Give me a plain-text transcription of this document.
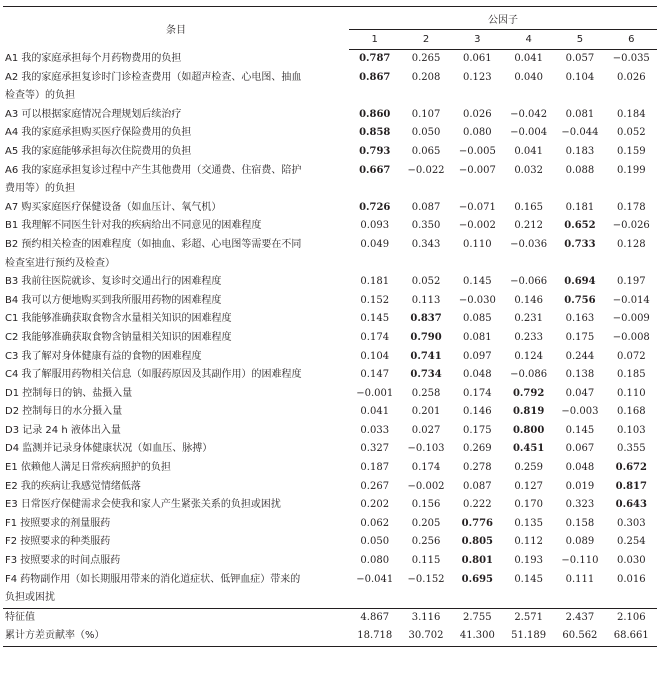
条目	公因子					
	1	2	3	4	5	6
A1 我的家庭承担每个月药物费用的负担	0.787	0.265	0.061	0.041	0.057	−0.035
A2 我的家庭承担复诊时门诊检查费用（如超声检查、心电图、抽血
检查等）的负担	0.867	0.208	0.123	0.040	0.104	0.026
A3 可以根据家庭情况合理规划后续治疗	0.860	0.107	0.026	−0.042	0.081	0.184
A4 我的家庭承担购买医疗保险费用的负担	0.858	0.050	0.080	−0.004	−0.044	0.052
A5 我的家庭能够承担每次住院费用的负担	0.793	0.065	−0.005	0.041	0.183	0.159
A6 我的家庭承担复诊过程中产生其他费用（交通费、住宿费、陪护
费用等）的负担	0.667	−0.022	−0.007	0.032	0.088	0.199
A7 购买家庭医疗保健设备（如血压计、氧气机）	0.726	0.087	−0.071	0.165	0.181	0.178
B1 我理解不同医生针对我的疾病给出不同意见的困难程度	0.093	0.350	−0.002	0.212	0.652	−0.026
B2 预约相关检查的困难程度（如抽血、彩超、心电图等需要在不同
检查室进行预约及检查）	0.049	0.343	0.110	−0.036	0.733	0.128
B3 我前往医院就诊、复诊时交通出行的困难程度	0.181	0.052	0.145	−0.066	0.694	0.197
B4 我可以方便地购买到我所服用药物的困难程度	0.152	0.113	−0.030	0.146	0.756	−0.014
C1 我能够准确获取食物含水量相关知识的困难程度	0.145	0.837	0.085	0.231	0.163	−0.009
C2 我能够准确获取食物含钠量相关知识的困难程度	0.174	0.790	0.081	0.233	0.175	−0.008
C3 我了解对身体健康有益的食物的困难程度	0.104	0.741	0.097	0.124	0.244	0.072
C4 我了解服用药物相关信息（如服药原因及其副作用）的困难程度	0.147	0.734	0.048	−0.086	0.138	0.185
D1 控制每日的钠、盐摄入量	−0.001	0.258	0.174	0.792	0.047	0.110
D2 控制每日的水分摄入量	0.041	0.201	0.146	0.819	−0.003	0.168
D3 记录 24 h 液体出入量	0.033	0.027	0.175	0.800	0.145	0.103
D4 监测并记录身体健康状况（如血压、脉搏）	0.327	−0.103	0.269	0.451	0.067	0.355
E1 依赖他人满足日常疾病照护的负担	0.187	0.174	0.278	0.259	0.048	0.672
E2 我的疾病让我感觉情绪低落	0.267	−0.002	0.087	0.127	0.019	0.817
E3 日常医疗保健需求会使我和家人产生紧张关系的负担或困扰	0.202	0.156	0.222	0.170	0.323	0.643
F1 按照要求的剂量服药	0.062	0.205	0.776	0.135	0.158	0.303
F2 按照要求的种类服药	0.050	0.256	0.805	0.112	0.089	0.254
F3 按照要求的时间点服药	0.080	0.115	0.801	0.193	−0.110	0.030
F4 药物副作用（如长期服用带来的消化道症状、低钾血症）带来的
负担或困扰	−0.041	−0.152	0.695	0.145	0.111	0.016
特征值	4.867	3.116	2.755	2.571	2.437	2.106
累计方差贡献率（%）	18.718	30.702	41.300	51.189	60.562	68.661
